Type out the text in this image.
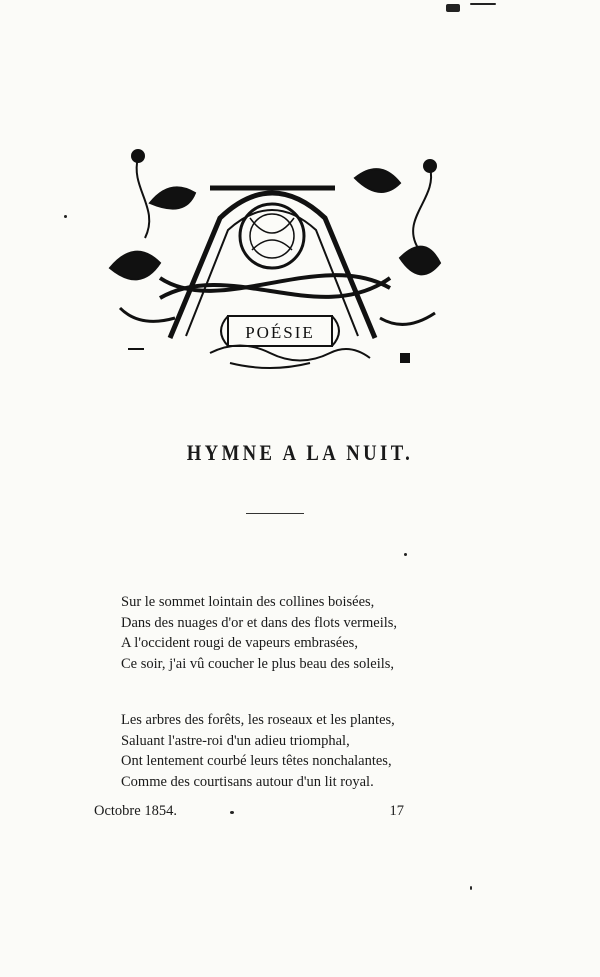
POÉSIE
HYMNE A LA NUIT.
Sur le sommet lointain des collines boisées,
Dans des nuages d'or et dans des flots vermeils,
A l'occident rougi de vapeurs embrasées,
Ce soir, j'ai vû coucher le plus beau des soleils,
Les arbres des forêts, les roseaux et les plantes,
Saluant l'astre-roi d'un adieu triomphal,
Ont lentement courbé leurs têtes nonchalantes,
Comme des courtisans autour d'un lit royal.
Octobre 1854.	17
